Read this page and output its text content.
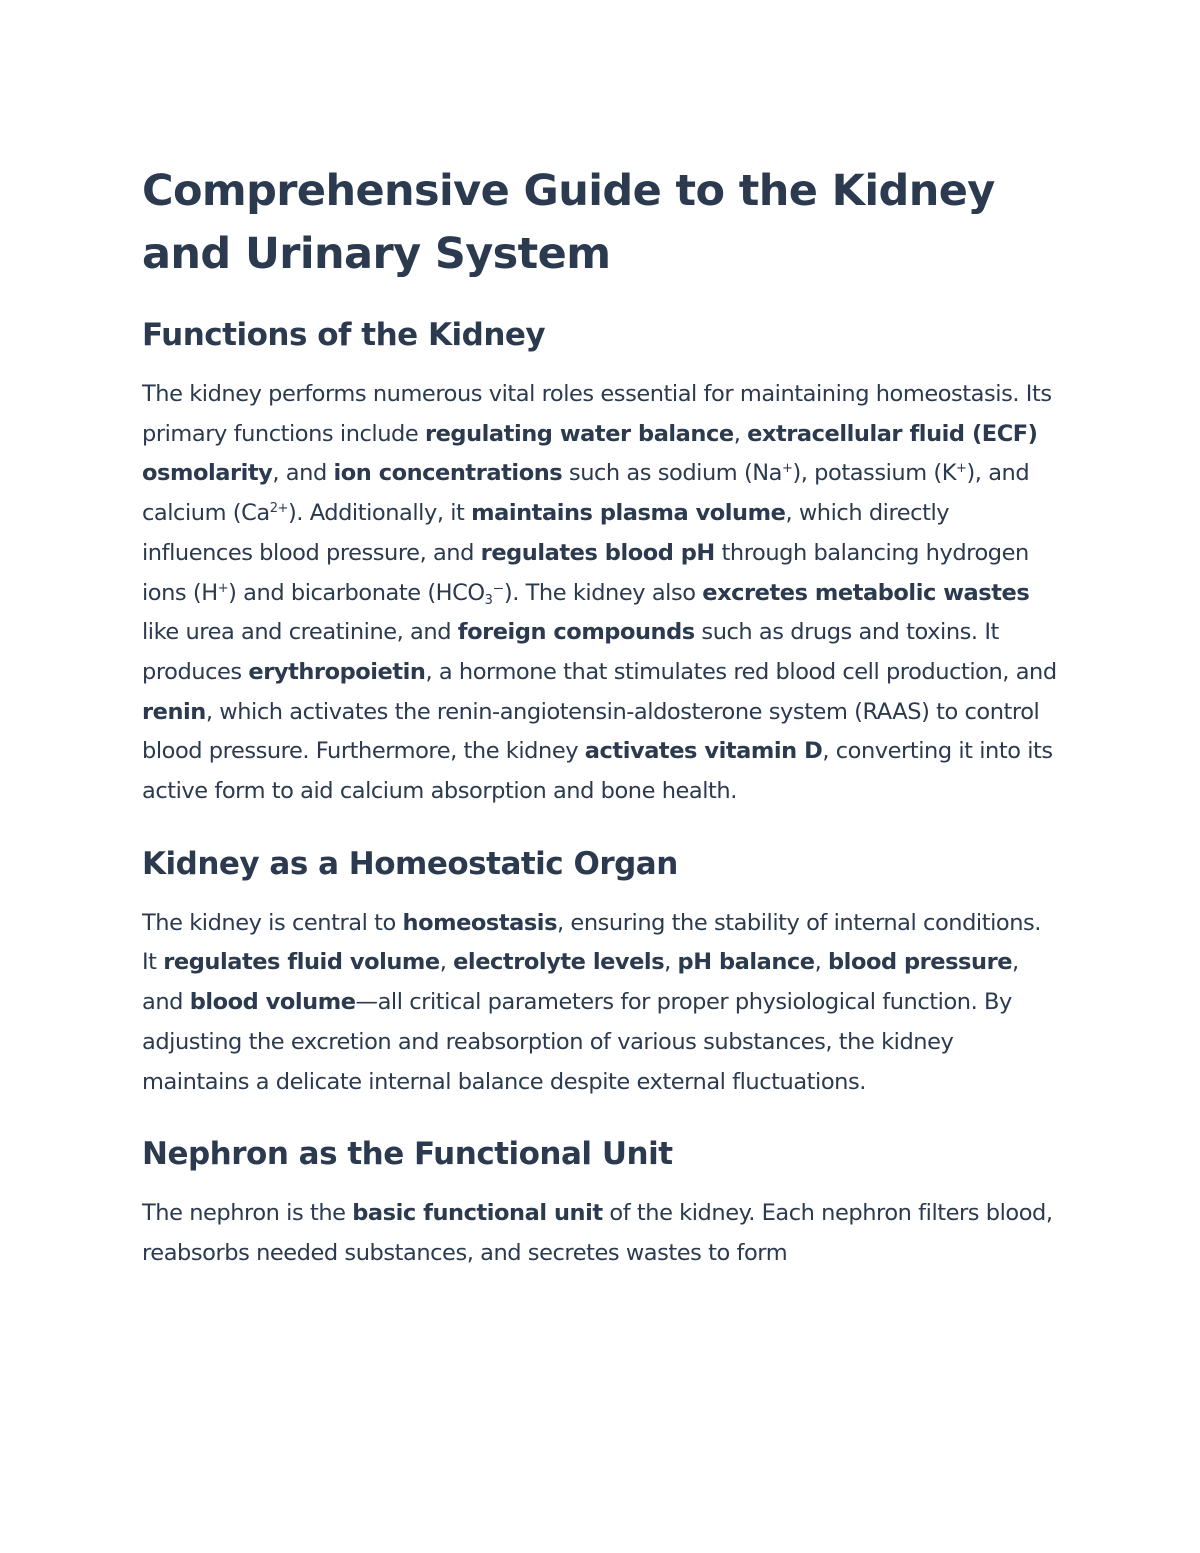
Comprehensive Guide to the Kidney and Urinary System
Functions of the Kidney

The kidney performs numerous vital roles essential for maintaining homeostasis. Its primary functions include regulating water balance, extracellular fluid (ECF) osmolarity, and ion concentrations such as sodium (Na+), potassium (K+), and calcium $(Ca^{2+})$. Additionally, it maintains plasma volume, which directly influences blood pressure, and regulates blood pH through balancing hydrogen ions (H+) and bicarbonate $(HCO_3^-)$. The kidney also excretes metabolic wastes like urea and creatinine, and foreign compounds such as drugs and toxins. It produces erythropoietin, a hormone that stimulates red blood cell production, and renin, which activates the renin-angiotensin-aldosterone system (RAAS) to control blood pressure. Furthermore, the kidney activates vitamin D, converting it into its active form to aid calcium absorption and bone health.

Kidney as a Homeostatic Organ

The kidney is central to homeostasis, ensuring the stability of internal conditions. It regulates fluid volume, electrolyte levels, pH balance, blood pressure, and blood volume—all critical parameters for proper physiological function. By adjusting the excretion and reabsorption of various substances, the kidney maintains a delicate internal balance despite external fluctuations.

Nephron as the Functional Unit

The nephron is the basic functional unit of the kidney. Each nephron filters blood, reabsorbs needed substances, and secretes wastes to form
